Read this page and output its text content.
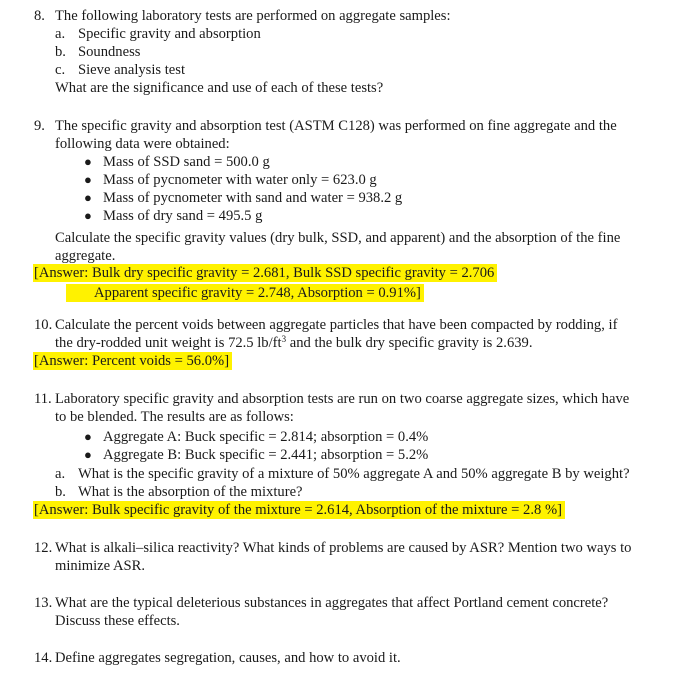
8. The following laboratory tests are performed on aggregate samples:
a. Specific gravity and absorption
b. Soundness
c. Sieve analysis test
What are the significance and use of each of these tests?
9. The specific gravity and absorption test (ASTM C128) was performed on fine aggregate and the
following data were obtained:
● Mass of SSD sand = 500.0 g
● Mass of pycnometer with water only = 623.0 g
● Mass of pycnometer with sand and water = 938.2 g
● Mass of dry sand = 495.5 g
Calculate the specific gravity values (dry bulk, SSD, and apparent) and the absorption of the fine
aggregate.
[Answer: Bulk dry specific gravity = 2.681, Bulk SSD specific gravity = 2.706
Apparent specific gravity = 2.748, Absorption = 0.91%]
10. Calculate the percent voids between aggregate particles that have been compacted by rodding, if
the dry-rodded unit weight is 72.5 $lb/ft^3$ and the bulk dry specific gravity is 2.639.
[Answer: Percent voids = 56.0%]
11. Laboratory specific gravity and absorption tests are run on two coarse aggregate sizes, which have
to be blended. The results are as follows:
● Aggregate A: Buck specific = 2.814; absorption = 0.4%
● Aggregate B: Buck specific = 2.441; absorption = 5.2%
a. What is the specific gravity of a mixture of 50% aggregate A and 50% aggregate B by weight?
b. What is the absorption of the mixture?
[Answer: Bulk specific gravity of the mixture = 2.614, Absorption of the mixture = 2.8 %]
12. What is alkali–silica reactivity? What kinds of problems are caused by ASR? Mention two ways to
minimize ASR.
13. What are the typical deleterious substances in aggregates that affect Portland cement concrete?
Discuss these effects.
14. Define aggregates segregation, causes, and how to avoid it.
